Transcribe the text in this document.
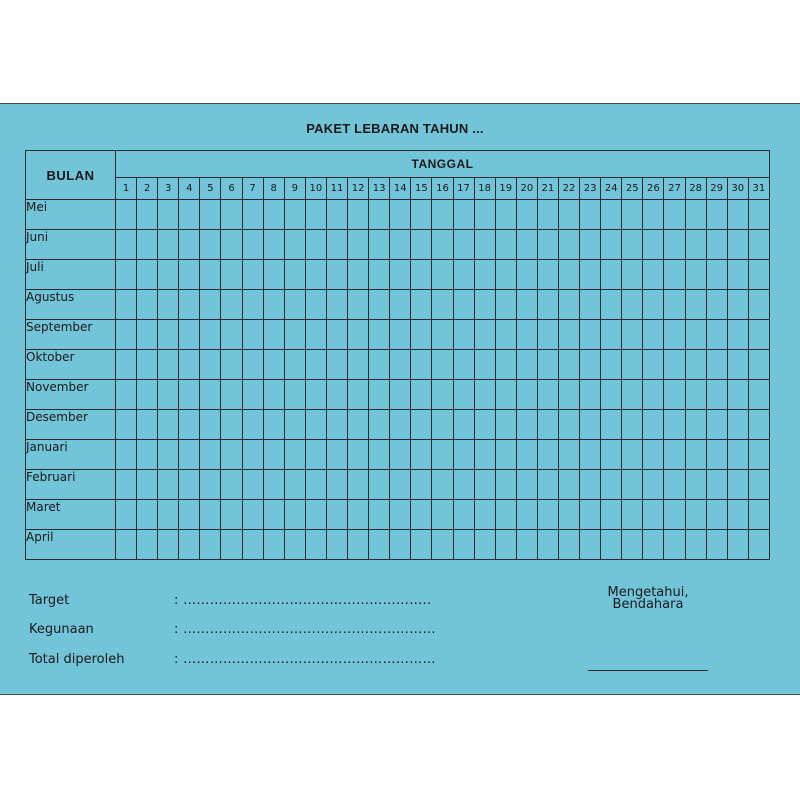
PAKET LEBARAN TAHUN ...
BULAN	TANGGAL																														
	1	2	3	4	5	6	7	8	9	10	11	12	13	14	15	16	17	18	19	20	21	22	23	24	25	26	27	28	29	30	31
Mei																															
Juni																															
Juli																															
Agustus																															
September																															
Oktober																															
November																															
Desember																															
Januari																															
Februari																															
Maret																															
April																															
Target	: ………………………………………………..
Kegunaan	: …………………………………………………
Total diperoleh	: …………………………………………………
Mengetahui,
Bendahara
